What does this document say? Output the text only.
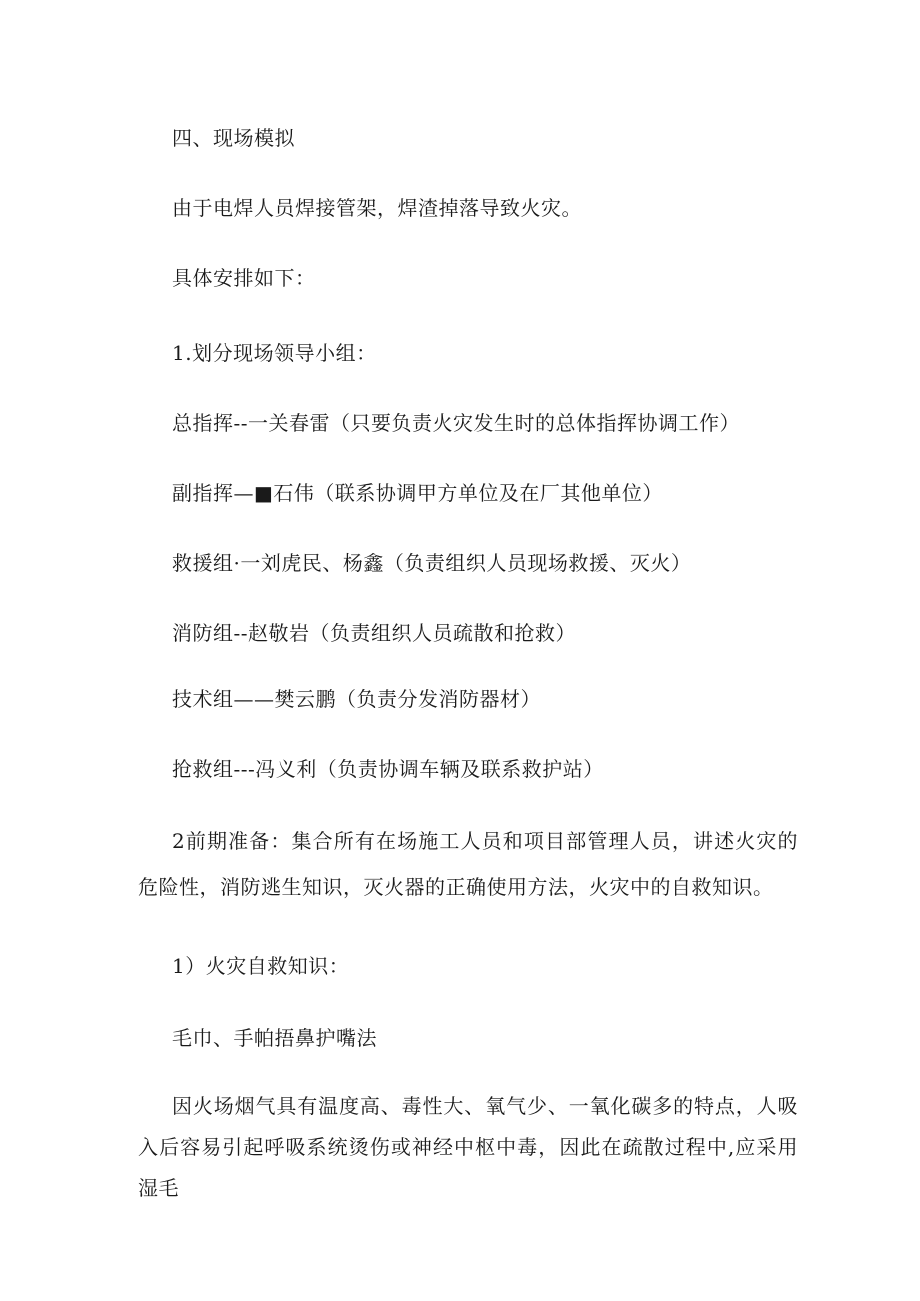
四、现场模拟
由于电焊人员焊接管架，焊渣掉落导致火灾。
具体安排如下：
1.划分现场领导小组：
总指挥--一关春雷（只要负责火灾发生时的总体指挥协调工作）
副指挥—■石伟（联系协调甲方单位及在厂其他单位）
救援组·一刘虎民、杨鑫（负责组织人员现场救援、灭火）
消防组--赵敬岩（负责组织人员疏散和抢救）
技术组——樊云鹏（负责分发消防器材）
抢救组---冯义利（负责协调车辆及联系救护站）
2前期准备：集合所有在场施工人员和项目部管理人员，讲述火灾的危险性，消防逃生知识，灭火器的正确使用方法，火灾中的自救知识。
1）火灾自救知识：
毛巾、手帕捂鼻护嘴法
因火场烟气具有温度高、毒性大、氧气少、一氧化碳多的特点，人吸入后容易引起呼吸系统烫伤或神经中枢中毒，因此在疏散过程中,应采用湿毛
